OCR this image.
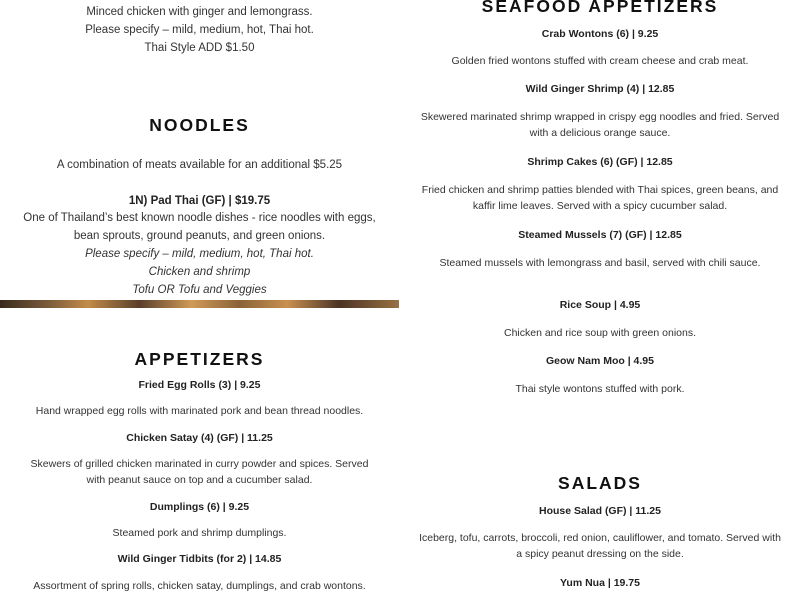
Minced chicken with ginger and lemongrass.
Please specify – mild, medium, hot, Thai hot.
Thai Style ADD $1.50
NOODLES
A combination of meats available for an additional $5.25
1N) Pad Thai (GF) | $19.75
One of Thailand’s best known noodle dishes - rice noodles with eggs, bean sprouts, ground peanuts, and green onions.
Please specify – mild, medium, hot, Thai hot.
Chicken and shrimp
Tofu OR Tofu and Veggies
APPETIZERS
Fried Egg Rolls (3) | 9.25
Hand wrapped egg rolls with marinated pork and bean thread noodles.
Chicken Satay (4) (GF) | 11.25
Skewers of grilled chicken marinated in curry powder and spices. Served with peanut sauce on top and a cucumber salad.
Dumplings (6) | 9.25
Steamed pork and shrimp dumplings.
Wild Ginger Tidbits (for 2) | 14.85
Assortment of spring rolls, chicken satay, dumplings, and crab wontons.
SEAFOOD APPETIZERS
Crab Wontons (6) | 9.25
Golden fried wontons stuffed with cream cheese and crab meat.
Wild Ginger Shrimp (4) | 12.85
Skewered marinated shrimp wrapped in crispy egg noodles and fried. Served with a delicious orange sauce.
Shrimp Cakes (6) (GF) | 12.85
Fried chicken and shrimp patties blended with Thai spices, green beans, and kaffir lime leaves. Served with a spicy cucumber salad.
Steamed Mussels (7) (GF) | 12.85
Steamed mussels with lemongrass and basil, served with chili sauce.
Rice Soup | 4.95
Chicken and rice soup with green onions.
Geow Nam Moo | 4.95
Thai style wontons stuffed with pork.
SALADS
House Salad (GF) | 11.25
Iceberg, tofu, carrots, broccoli, red onion, cauliflower, and tomato. Served with a spicy peanut dressing on the side.
Yum Nua | 19.75
